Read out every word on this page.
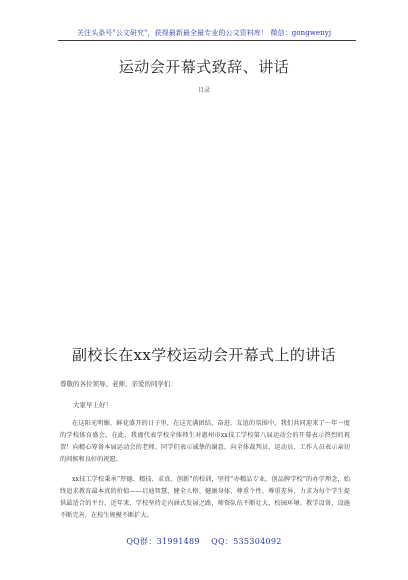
关注头条号"公文研究"，获得最新最全最专业的公文资料库！ 微信：gongwenyj
运动会开幕式致辞、讲话
目录
副校长在xx学校运动会开幕式上的讲话
尊敬的各位领导、老师，亲爱的同学们：
大家早上好！
在这阳光明媚、鲜花盛开的日子里，在这充满团结、奋进、友谊的氛围中，我们共同迎来了一年一度的学校体育盛会。在此，我谨代表学校全体师生对惠州市xx技工学校第八届运动会的开幕表示热烈的祝贺！向精心筹备本届运动会的老师、同学们表示诚挚的谢意，向全体裁判员、运动员、工作人员表示亲切的问候和良好的祝愿。
xx技工学校秉承“厚德、精技、求真、创新”的校训，坚持“办精品专业，创品牌学校”的办学理念，始终追求教育最本真的价值——启迪智慧、健全人格、健康身体、尊重个性、尊重差异、力求为每个学生提供最适合的平台、近年来，学校坚持走内涵式发展之路，师资队伍不断壮大，校园环境、教学设备、设施不断完善，在校生规模不断扩大。
QQ群：31991489    QQ：535304092
